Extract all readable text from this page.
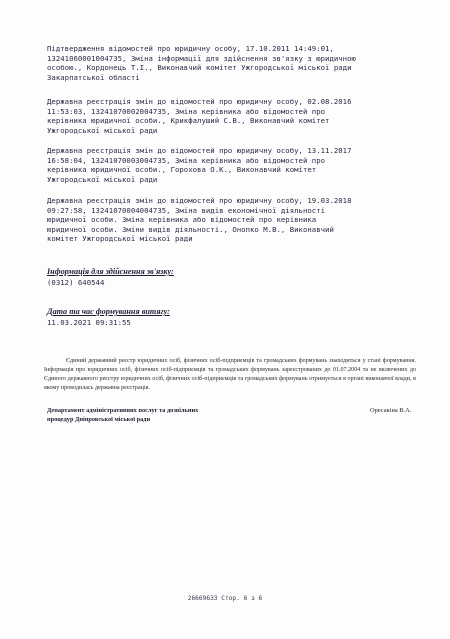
Підтвердження відомостей про юридичну особу, 17.10.2011 14:49:01,
13241060001004735, Зміна інформації для здійснення зв'язку з юридичною
особою., Кордонець Т.І., Виконавчий комітет Ужгородської міської ради
Закарпатської області
Державна реєстрація змін до відомостей про юридичну особу, 02.08.2016
11:53:03, 13241070002004735, Зміна керівника або відомостей про
керівника юридичної особи., Крикфалуший С.В., Виконавчий комітет
Ужгородської міської ради
Державна реєстрація змін до відомостей про юридичну особу, 13.11.2017
16:58:04, 13241070003004735, Зміна керівника або відомостей про
керівника юридичної особи., Горохова О.К., Виконавчий комітет
Ужгородської міської ради
Державна реєстрація змін до відомостей про юридичну особу, 19.03.2018
09:27:58, 13241070004004735, Зміна видів економічної діяльності
юридичної особи. Зміна керівника або відомостей про керівника
юридичної особи. Зміни видів діяльності., Онопко М.В., Виконавчий
комітет Ужгородської міської ради
Інформація для здійснення зв'язку:
(0312) 640544
Дата та час формування витягу:
11.03.2021 09:31:55
Єдиний державний реєстр юридичних осіб, фізичних осіб-підприємців та громадських формувань знаходиться у стані формування. Інформація про юридичних осіб, фізичних осіб-підприємців та громадських формувань зареєстрованих до 01.07.2004 та не включених до Єдиного державного реєстру юридичних осіб, фізичних осіб-підприємців та громадських формувань отримується в органі виконавчої влади, в якому проводилась державна реєстрація.
Департамент адміністративних послуг та дозвільних
процедур Дніпровської міської ради
Оресакіна В.А.
26669633 Стор. 6 з 6
